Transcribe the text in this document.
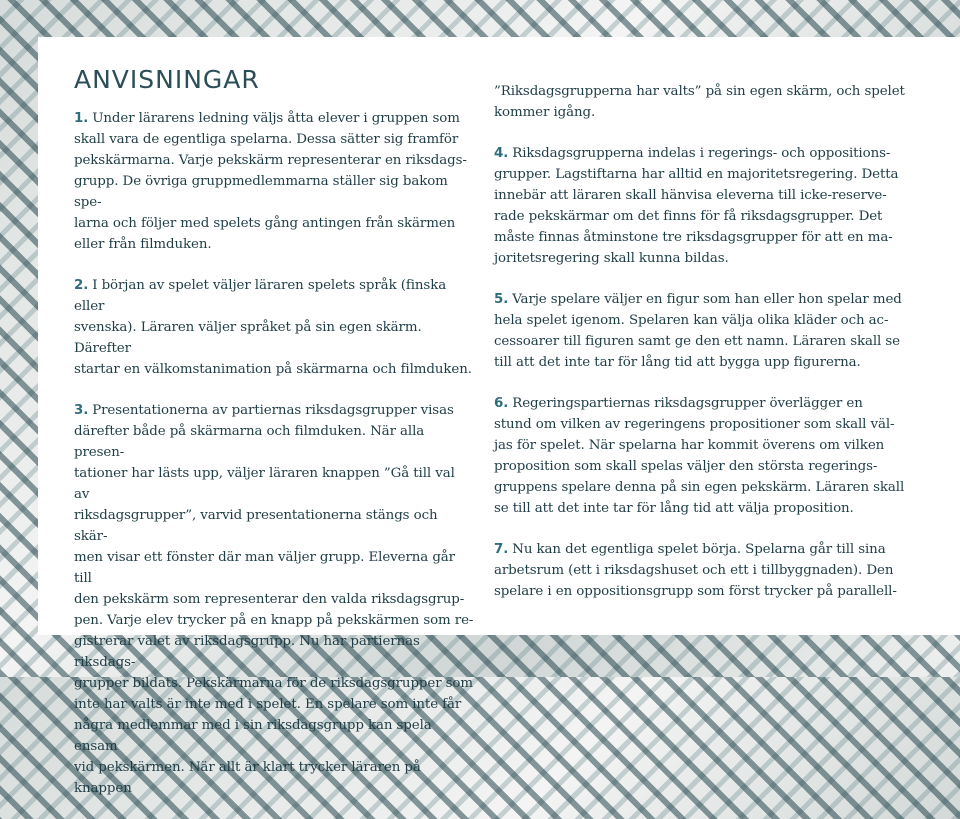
ANVISNINGAR

1. Under lärarens ledning väljs åtta elever i gruppen som
skall vara de egentliga spelarna. Dessa sätter sig framför
pekskärmarna. Varje pekskärm representerar en riksdags-
grupp. De övriga gruppmedlemmarna ställer sig bakom spe-
larna och följer med spelets gång antingen från skärmen
eller från filmduken.

2. I början av spelet väljer läraren spelets språk (finska eller
svenska). Läraren väljer språket på sin egen skärm. Därefter
startar en välkomstanimation på skärmarna och filmduken.

3. Presentationerna av partiernas riksdagsgrupper visas
därefter både på skärmarna och filmduken. När alla presen-
tationer har lästs upp, väljer läraren knappen ”Gå till val av
riksdagsgrupper”, varvid presentationerna stängs och skär-
men visar ett fönster där man väljer grupp. Eleverna går till
den pekskärm som representerar den valda riksdagsgrup-
pen. Varje elev trycker på en knapp på pekskärmen som re-
gistrerar valet av riksdagsgrupp. Nu har partiernas riksdags-
grupper bildats. Pekskärmarna för de riksdagsgrupper som
inte har valts är inte med i spelet. En spelare som inte får
några medlemmar med i sin riksdagsgrupp kan spela ensam
vid pekskärmen. När allt är klart trycker läraren på knappen

”Riksdagsgrupperna har valts” på sin egen skärm, och spelet
kommer igång.

4. Riksdagsgrupperna indelas i regerings- och oppositions-
grupper. Lagstiftarna har alltid en majoritetsregering. Detta
innebär att läraren skall hänvisa eleverna till icke-reserve-
rade pekskärmar om det finns för få riksdagsgrupper. Det
måste finnas åtminstone tre riksdagsgrupper för att en ma-
joritetsregering skall kunna bildas.

5. Varje spelare väljer en figur som han eller hon spelar med
hela spelet igenom. Spelaren kan välja olika kläder och ac-
cessoarer till figuren samt ge den ett namn. Läraren skall se
till att det inte tar för lång tid att bygga upp figurerna.

6. Regeringspartiernas riksdagsgrupper överlägger en
stund om vilken av regeringens propositioner som skall väl-
jas för spelet. När spelarna har kommit överens om vilken
proposition som skall spelas väljer den största regerings-
gruppens spelare denna på sin egen pekskärm. Läraren skall
se till att det inte tar för lång tid att välja proposition.

7. Nu kan det egentliga spelet börja. Spelarna går till sina
arbetsrum (ett i riksdagshuset och ett i tillbyggnaden). Den
spelare i en oppositionsgrupp som först trycker på parallell-
